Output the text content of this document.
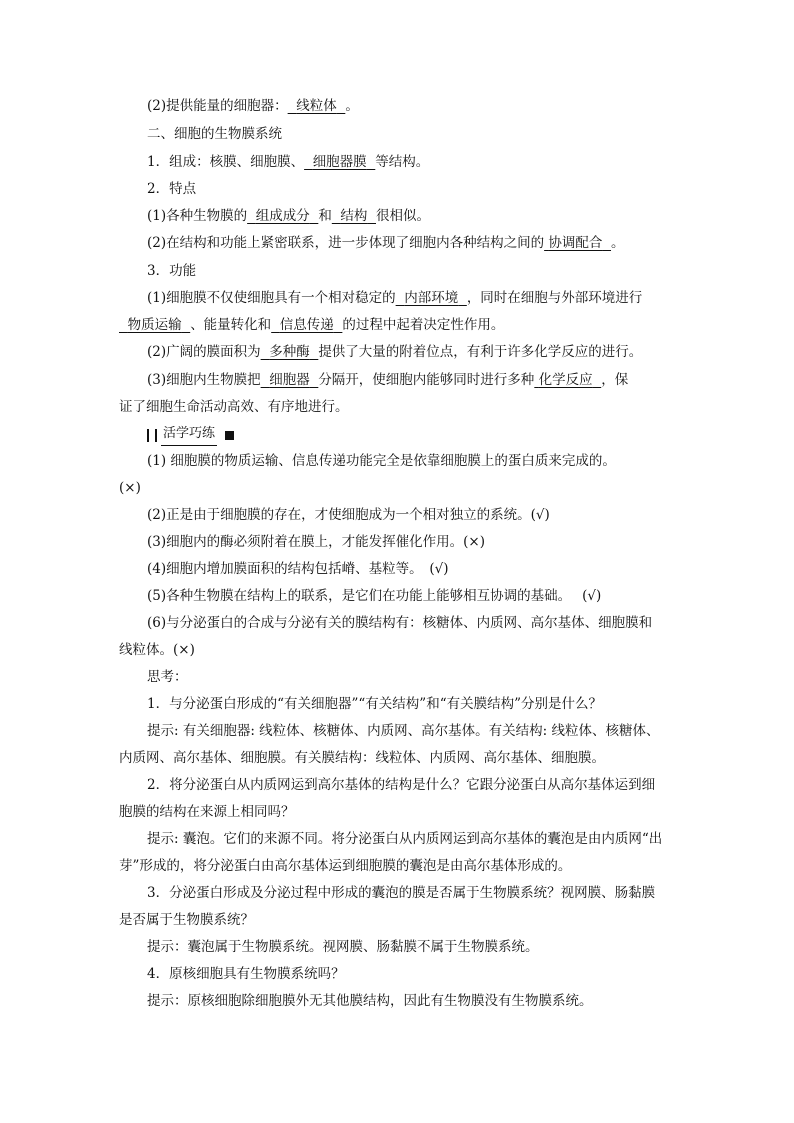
(2)提供能量的细胞器： 线粒体 。
二、细胞的生物膜系统
1．组成：核膜、细胞膜、 细胞器膜 等结构。
2．特点
(1)各种生物膜的 组成成分 和 结构 很相似。
(2)在结构和功能上紧密联系，进一步体现了细胞内各种结构之间的 协调配合 。
3．功能
(1)细胞膜不仅使细胞具有一个相对稳定的 内部环境 ，同时在细胞与外部环境进行
物质运输 、能量转化和 信息传递 的过程中起着决定性作用。
(2)广阔的膜面积为 多种酶 提供了大量的附着位点，有利于许多化学反应的进行。
(3)细胞内生物膜把 细胞器 分隔开，使细胞内能够同时进行多种 化学反应 ，保
证了细胞生命活动高效、有序地进行。
活学巧练
(1) 细胞膜的物质运输、信息传递功能完全是依靠细胞膜上的蛋白质来完成的。
(×)
(2)正是由于细胞膜的存在，才使细胞成为一个相对独立的系统。(√)
(3)细胞内的酶必须附着在膜上，才能发挥催化作用。(×)
(4)细胞内增加膜面积的结构包括嵴、基粒等。　(√)
(5)各种生物膜在结构上的联系，是它们在功能上能够相互协调的基础。　 (√)
(6)与分泌蛋白的合成与分泌有关的膜结构有：核糖体、内质网、高尔基体、细胞膜和
线粒体。(×)
思考：
1．与分泌蛋白形成的“有关细胞器”“有关结构”和“有关膜结构”分别是什么？
提示: 有关细胞器: 线粒体、核糖体、内质网、高尔基体。有关结构: 线粒体、核糖体、
内质网、高尔基体、细胞膜。有关膜结构：线粒体、内质网、高尔基体、细胞膜。
2．将分泌蛋白从内质网运到高尔基体的结构是什么？它跟分泌蛋白从高尔基体运到细
胞膜的结构在来源上相同吗？
提示: 囊泡。它们的来源不同。将分泌蛋白从内质网运到高尔基体的囊泡是由内质网“出
芽”形成的，将分泌蛋白由高尔基体运到细胞膜的囊泡是由高尔基体形成的。
3．分泌蛋白形成及分泌过程中形成的囊泡的膜是否属于生物膜系统？视网膜、肠黏膜
是否属于生物膜系统？
提示：囊泡属于生物膜系统。视网膜、肠黏膜不属于生物膜系统。
4．原核细胞具有生物膜系统吗？
提示：原核细胞除细胞膜外无其他膜结构，因此有生物膜没有生物膜系统。
